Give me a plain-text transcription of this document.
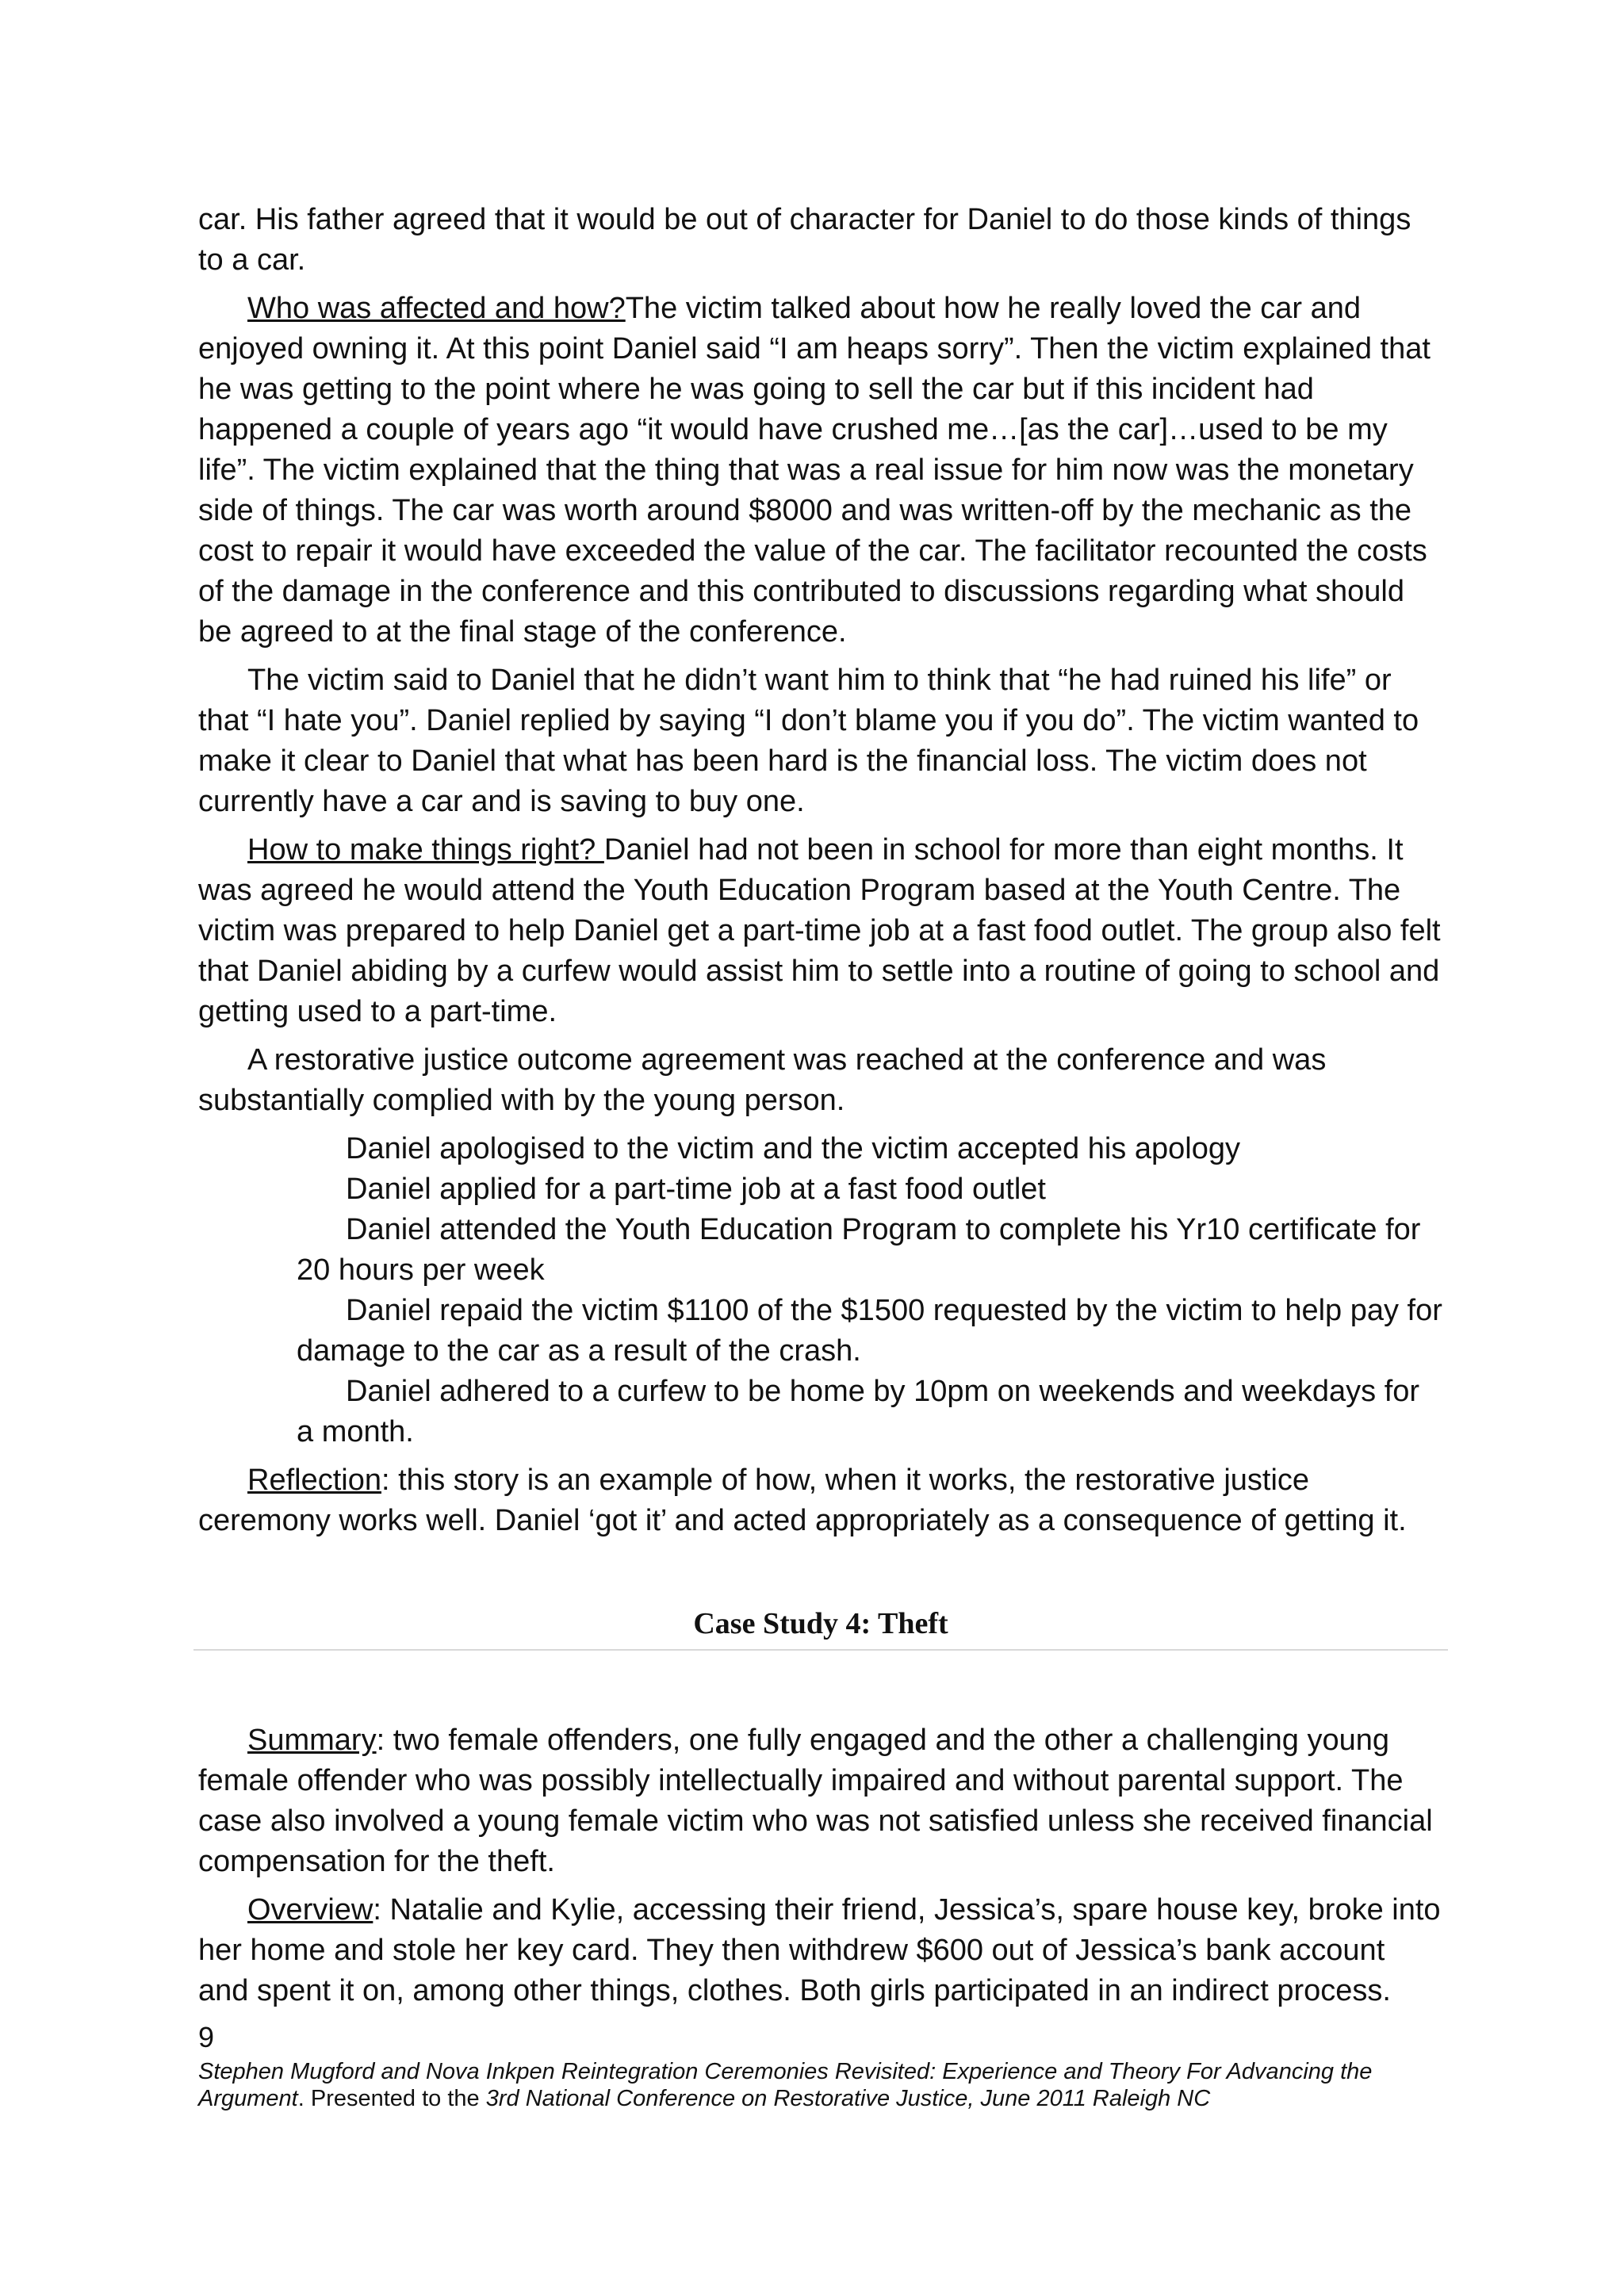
car. His father agreed that it would be out of character for Daniel to do those kinds of things to a car.

Who was affected and how?The victim talked about how he really loved the car and enjoyed owning it. At this point Daniel said “I am heaps sorry”. Then the victim explained that he was getting to the point where he was going to sell the car but if this incident had happened a couple of years ago “it would have crushed me…[as the car]…used to be my life”. The victim explained that the thing that was a real issue for him now was the monetary side of things. The car was worth around $8000 and was written-off by the mechanic as the cost to repair it would have exceeded the value of the car. The facilitator recounted the costs of the damage in the conference and this contributed to discussions regarding what should be agreed to at the final stage of the conference.

The victim said to Daniel that he didn’t want him to think that “he had ruined his life” or that “I hate you”. Daniel replied by saying “I don’t blame you if you do”. The victim wanted to make it clear to Daniel that what has been hard is the financial loss. The victim does not currently have a car and is saving to buy one.

How to make things right? Daniel had not been in school for more than eight months. It was agreed he would attend the Youth Education Program based at the Youth Centre. The victim was prepared to help Daniel get a part-time job at a fast food outlet. The group also felt that Daniel abiding by a curfew would assist him to settle into a routine of going to school and getting used to a part-time.

A restorative justice outcome agreement was reached at the conference and was substantially complied with by the young person.

Daniel apologised to the victim and the victim accepted his apology
Daniel applied for a part-time job at a fast food outlet
Daniel attended the Youth Education Program to complete his Yr10 certificate for 20 hours per week
Daniel repaid the victim $1100 of the $1500 requested by the victim to help pay for damage to the car as a result of the crash.
Daniel adhered to a curfew to be home by 10pm on weekends and weekdays for a month.

Reflection: this story is an example of how, when it works, the restorative justice ceremony works well. Daniel ‘got it’ and acted appropriately as a consequence of getting it.

Case Study 4: Theft

Summary: two female offenders, one fully engaged and the other a challenging young female offender who was possibly intellectually impaired and without parental support. The case also involved a young female victim who was not satisfied unless she received financial compensation for the theft.

Overview: Natalie and Kylie, accessing their friend, Jessica’s, spare house key, broke into her home and stole her key card. They then withdrew $600 out of Jessica’s bank account and spent it on, among other things, clothes. Both girls participated in an indirect process.

9
Stephen Mugford and Nova Inkpen Reintegration Ceremonies Revisited: Experience and Theory For Advancing the Argument. Presented to the 3rd National Conference on Restorative Justice, June 2011 Raleigh NC
